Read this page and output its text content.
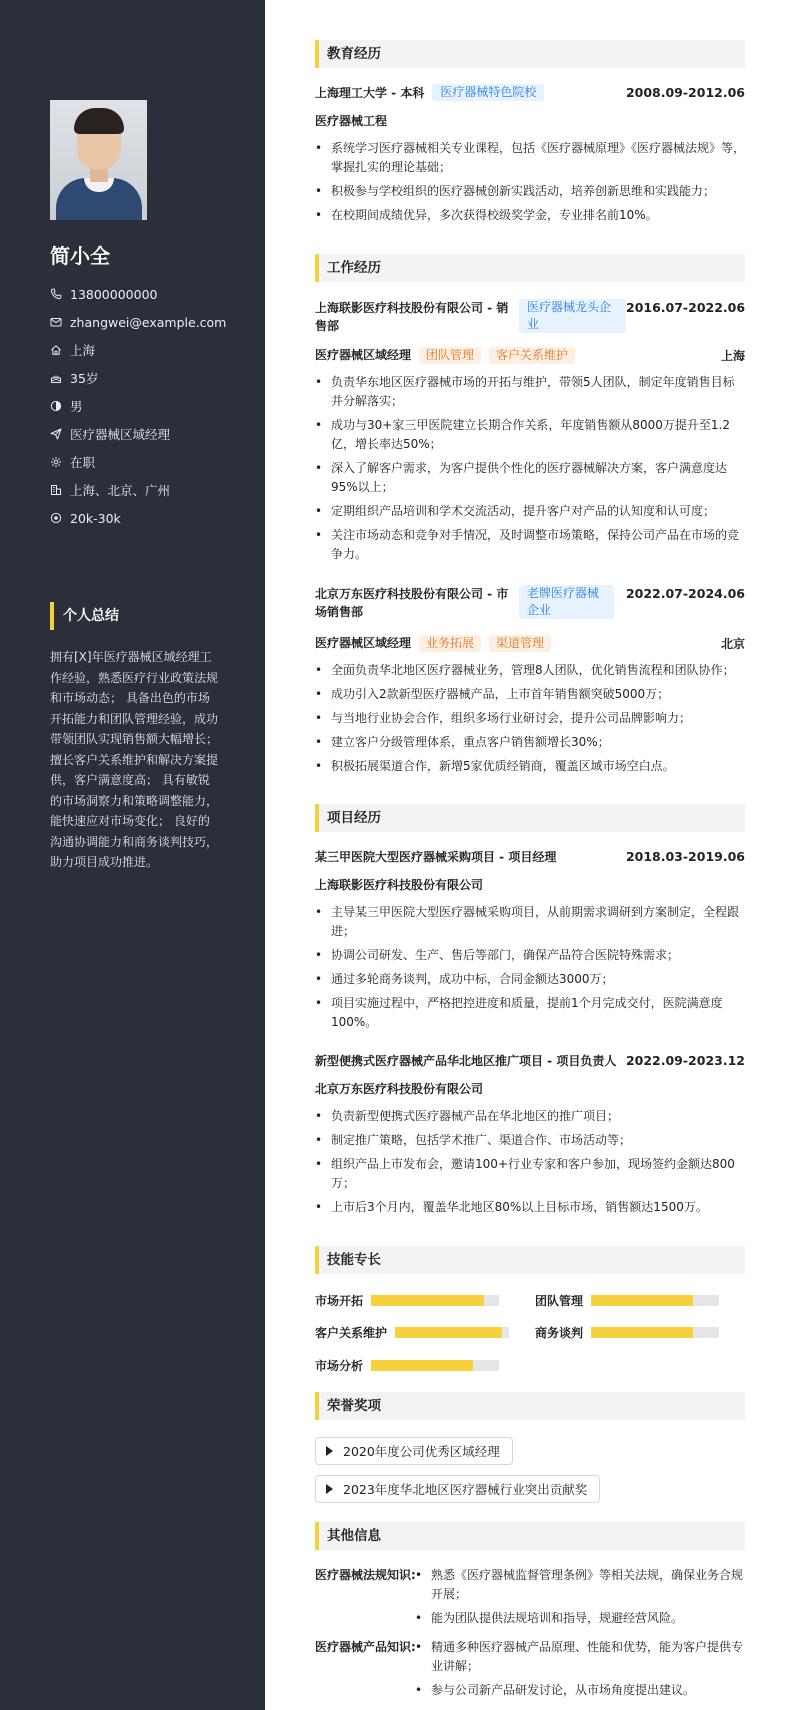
简小全
13800000000
zhangwei@example.com
上海
35岁
男
医疗器械区域经理
在职
上海、北京、广州
20k-30k
个人总结
拥有[X]年医疗器械区域经理工作经验，熟悉医疗行业政策法规和市场动态； 具备出色的市场开拓能力和团队管理经验，成功带领团队实现销售额大幅增长； 擅长客户关系维护和解决方案提供，客户满意度高； 具有敏锐的市场洞察力和策略调整能力，能快速应对市场变化； 良好的沟通协调能力和商务谈判技巧，助力项目成功推进。
教育经历
上海理工大学 - 本科	医疗器械特色院校	2008.09-2012.06
医疗器械工程
• 系统学习医疗器械相关专业课程，包括《医疗器械原理》《医疗器械法规》等，掌握扎实的理论基础；
• 积极参与学校组织的医疗器械创新实践活动，培养创新思维和实践能力；
• 在校期间成绩优异，多次获得校级奖学金，专业排名前10%。
工作经历
上海联影医疗科技股份有限公司 - 销售部
医疗器械龙头企业
2016.07-2022.06
医疗器械区域经理	团队管理	客户关系维护	上海
• 负责华东地区医疗器械市场的开拓与维护，带领5人团队，制定年度销售目标并分解落实；
• 成功与30+家三甲医院建立长期合作关系，年度销售额从8000万提升至1.2亿，增长率达50%；
• 深入了解客户需求，为客户提供个性化的医疗器械解决方案，客户满意度达95%以上；
• 定期组织产品培训和学术交流活动，提升客户对产品的认知度和认可度；
• 关注市场动态和竞争对手情况，及时调整市场策略，保持公司产品在市场的竞争力。
北京万东医疗科技股份有限公司 - 市场销售部
老牌医疗器械企业
2022.07-2024.06
医疗器械区域经理	业务拓展	渠道管理	北京
• 全面负责华北地区医疗器械业务，管理8人团队，优化销售流程和团队协作；
• 成功引入2款新型医疗器械产品，上市首年销售额突破5000万；
• 与当地行业协会合作，组织多场行业研讨会，提升公司品牌影响力；
• 建立客户分级管理体系，重点客户销售额增长30%；
• 积极拓展渠道合作，新增5家优质经销商，覆盖区域市场空白点。
项目经历
某三甲医院大型医疗器械采购项目 - 项目经理	2018.03-2019.06
上海联影医疗科技股份有限公司
• 主导某三甲医院大型医疗器械采购项目，从前期需求调研到方案制定，全程跟进；
• 协调公司研发、生产、售后等部门，确保产品符合医院特殊需求；
• 通过多轮商务谈判，成功中标，合同金额达3000万；
• 项目实施过程中，严格把控进度和质量，提前1个月完成交付，医院满意度100%。
新型便携式医疗器械产品华北地区推广项目 - 项目负责人 2022.09-2023.12
北京万东医疗科技股份有限公司
• 负责新型便携式医疗器械产品在华北地区的推广项目；
• 制定推广策略，包括学术推广、渠道合作、市场活动等；
• 组织产品上市发布会，邀请100+行业专家和客户参加，现场签约金额达800万；
• 上市后3个月内，覆盖华北地区80%以上目标市场，销售额达1500万。
技能专长
市场开拓	团队管理
客户关系维护	商务谈判
市场分析
荣誉奖项
2020年度公司优秀区域经理
2023年度华北地区医疗器械行业突出贡献奖
其他信息
医疗器械法规知识:	• 熟悉《医疗器械监督管理条例》等相关法规，确保业务合规开展；
• 能为团队提供法规培训和指导，规避经营风险。
医疗器械产品知识:	• 精通多种医疗器械产品原理、性能和优势，能为客户提供专业讲解；
• 参与公司新产品研发讨论，从市场角度提出建议。
